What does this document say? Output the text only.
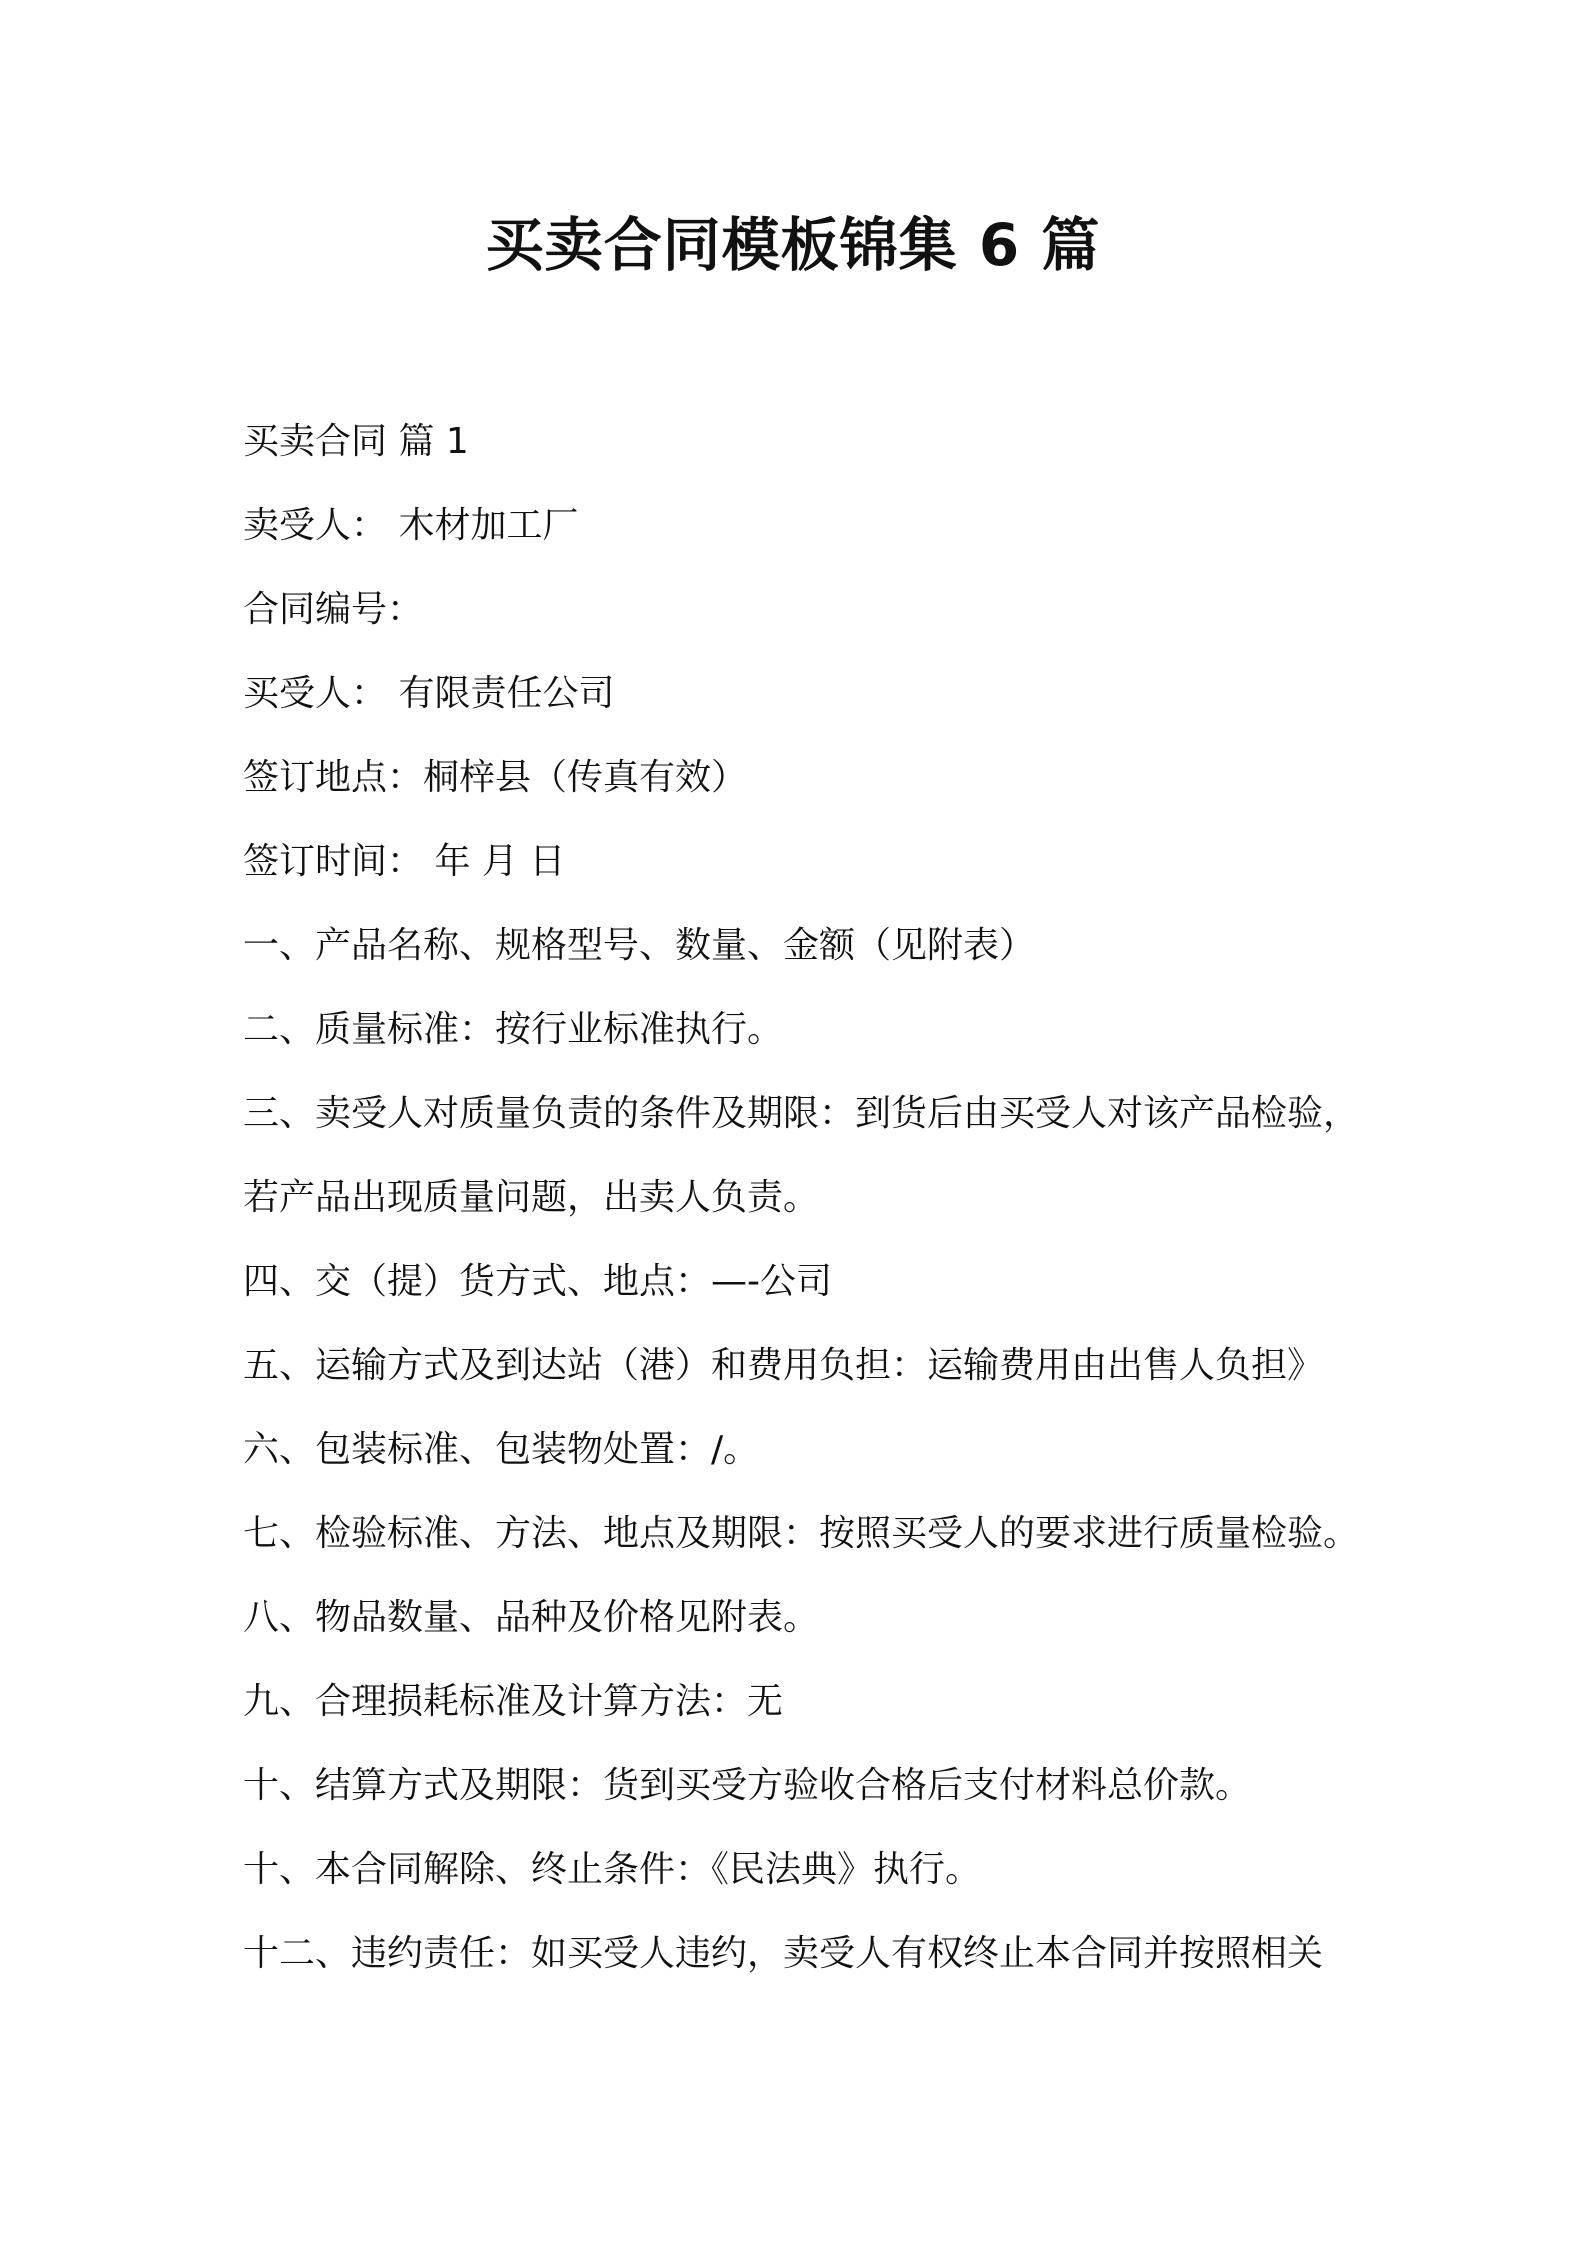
买卖合同模板锦集 6 篇
买卖合同 篇 1
卖受人： 木材加工厂
合同编号：
买受人： 有限责任公司
签订地点：桐梓县（传真有效）
签订时间： 年 月 日
一、产品名称、规格型号、数量、金额（见附表）
二、质量标准：按行业标准执行。
三、卖受人对质量负责的条件及期限：到货后由买受人对该产品检验，
若产品出现质量问题，出卖人负责。
四、交（提）货方式、地点：—-公司
五、运输方式及到达站（港）和费用负担：运输费用由出售人负担》
六、包装标准、包装物处置：/。
七、检验标准、方法、地点及期限：按照买受人的要求进行质量检验。
八、物品数量、品种及价格见附表。
九、合理损耗标准及计算方法：无
十、结算方式及期限：货到买受方验收合格后支付材料总价款。
十、本合同解除、终止条件：《民法典》执行。
十二、违约责任：如买受人违约，卖受人有权终止本合同并按照相关
